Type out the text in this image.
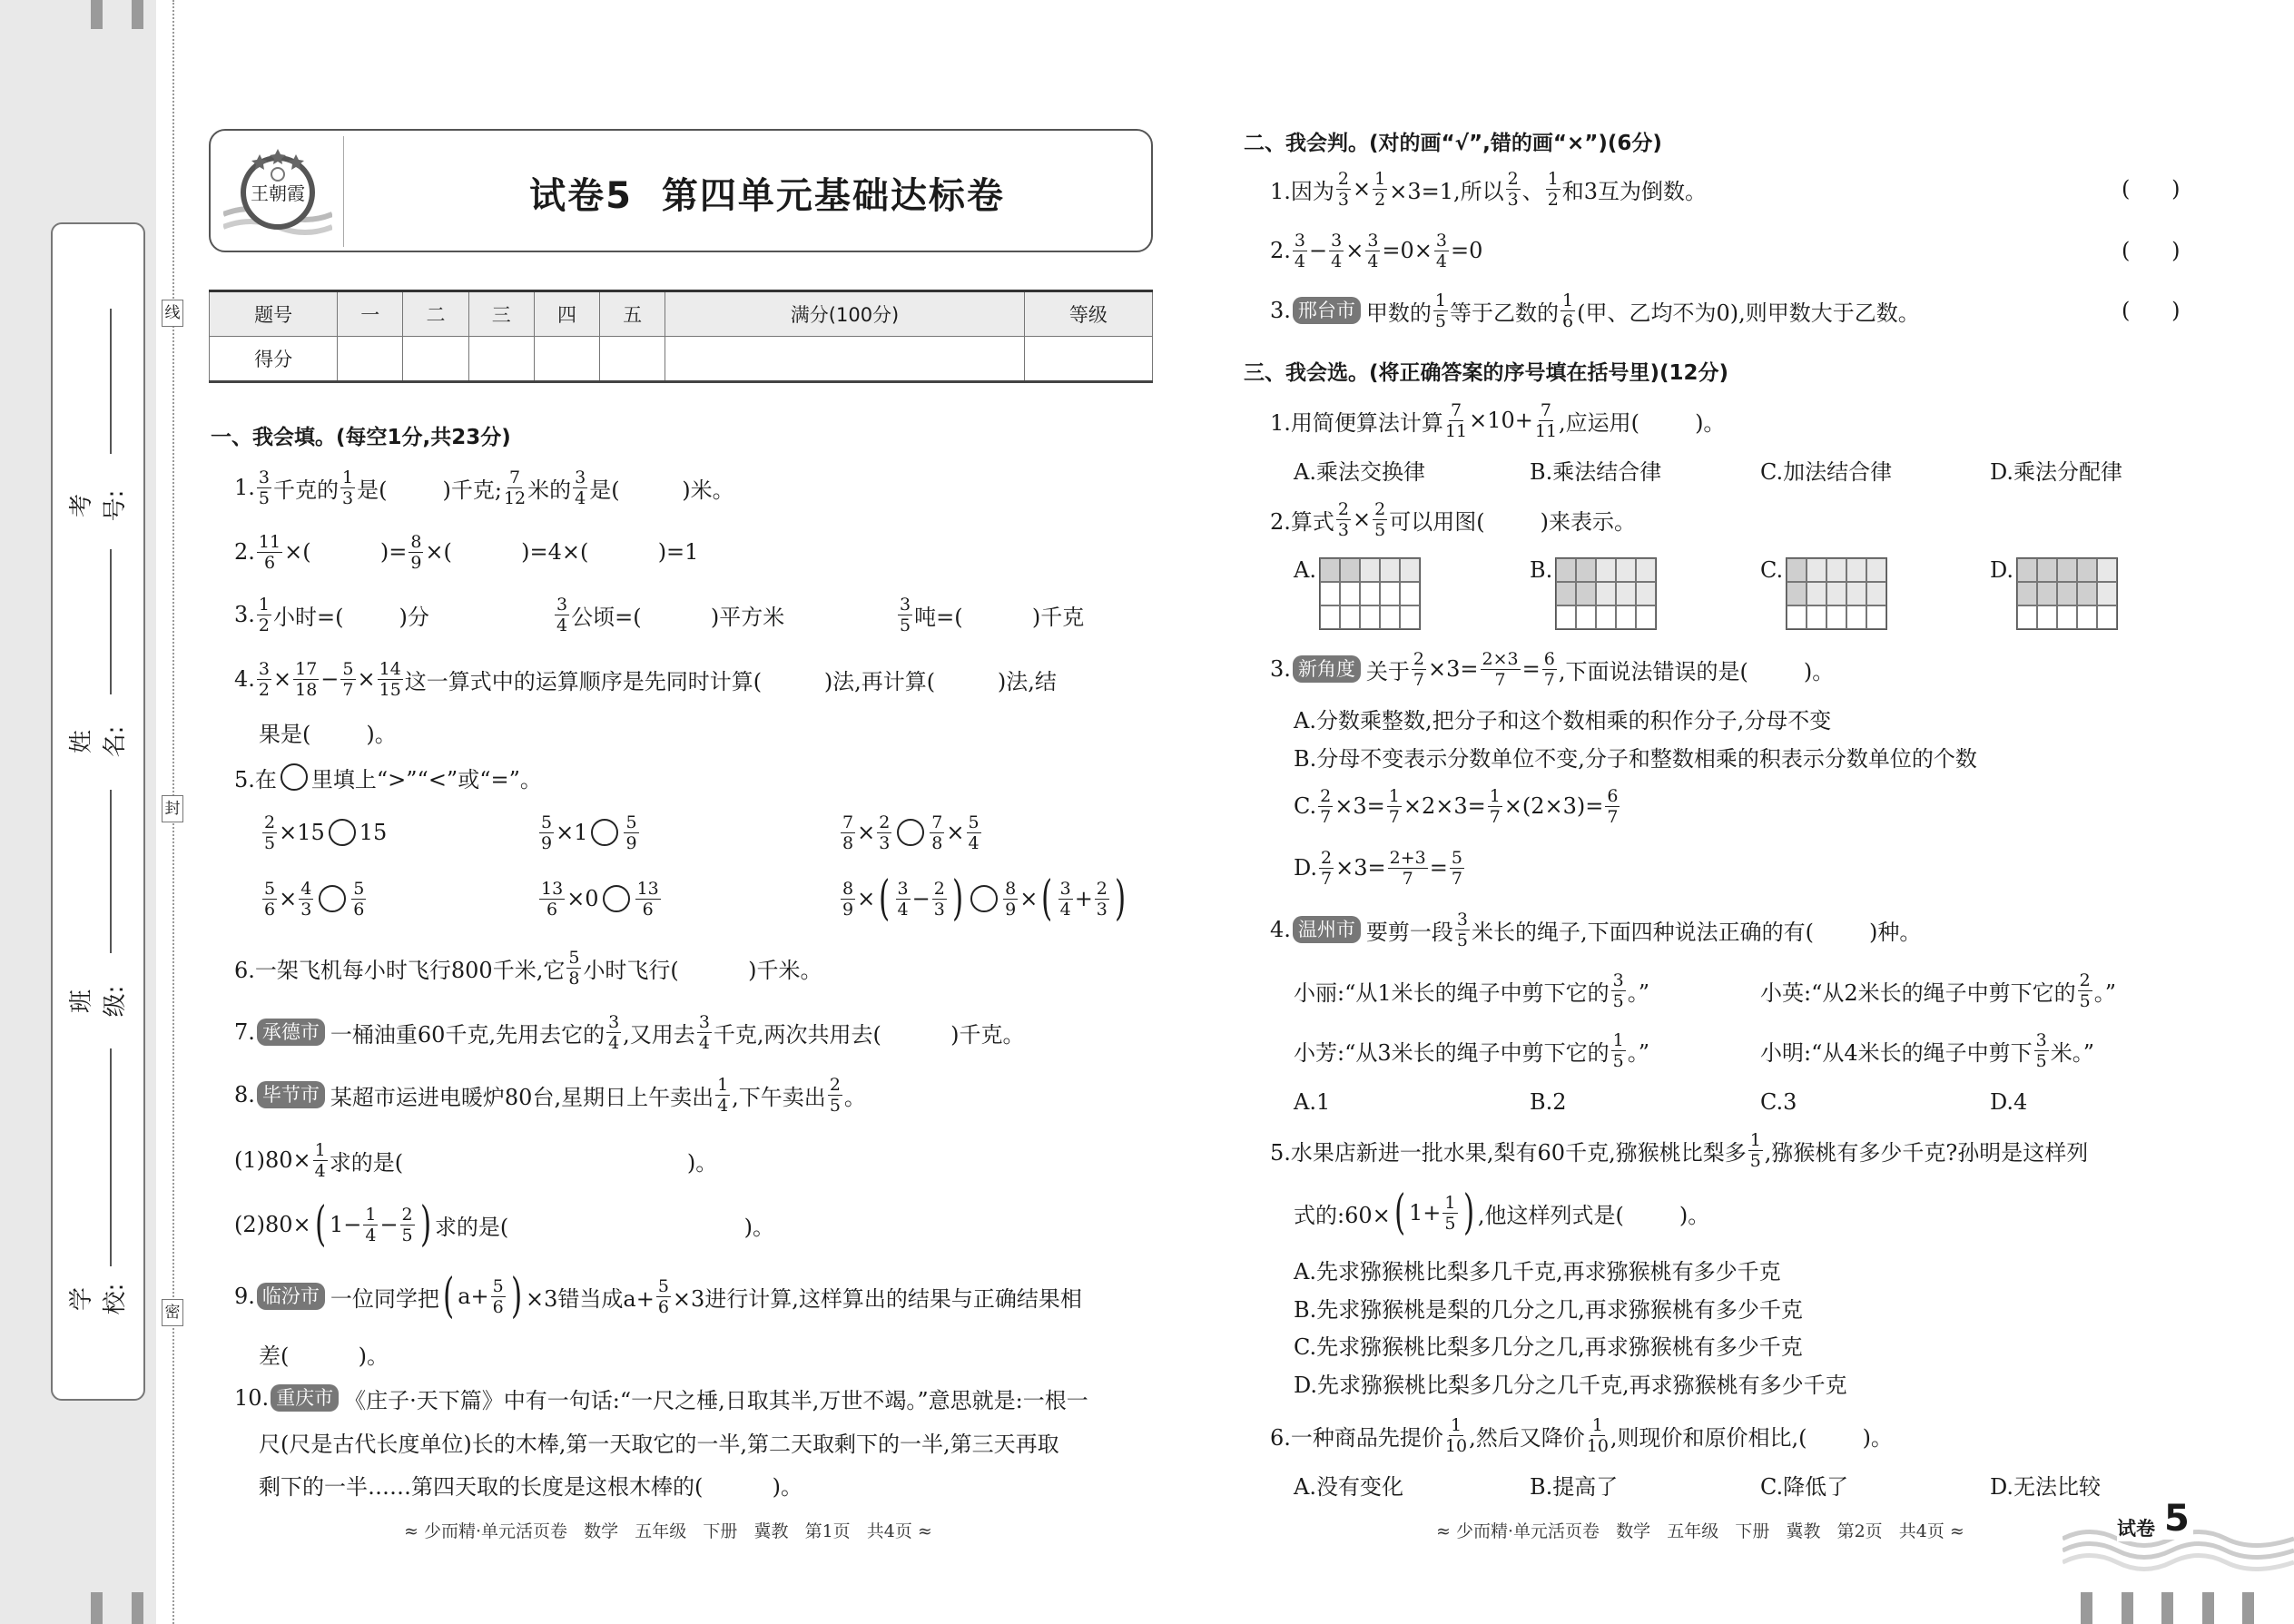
考号:
姓名:
班级:
学校:
线
封
密
王朝霞	试卷5  第四单元基础达标卷
题号	一	二	三	四	五	满分(100分)	等级
得分							
一、我会填。(每空1分,共23分)
1. $\frac{3}{5}$ 千克的 $\frac{1}{3}$ 是(        )千克; $\frac{7}{12}$ 米的 $\frac{3}{4}$ 是(         )米。
2. $\frac{11}{6}$ ×(          )= $\frac{8}{9}$ ×(          )=4×(          )=1
3. $\frac{1}{2}$ 小时=(        )分	$\frac{3}{4}$ 公顷=(          )平方米	$\frac{3}{5}$ 吨=(          )千克
4. $\frac{3}{2} \times \frac{17}{18} - \frac{5}{7} \times \frac{14}{15}$ 这一算式中的运算顺序是先同时计算(         )法,再计算(         )法,结
果是(        )。
5.在 里填上“>”“<”或“=”。
$\frac{2}{5} \times 15$ 15	$\frac{5}{9} \times 1 \frac{5}{9}$	$\frac{7}{8} \times \frac{2}{3} \frac{7}{8} \times \frac{5}{4}$
$\frac{5}{6} \times \frac{4}{3} \frac{5}{6}$	$\frac{13}{6} \times 0 \frac{13}{6}$	$\frac{8}{9}$ × ( $\frac{3}{4} - \frac{2}{3}$ ) $\frac{8}{9}$ × ( $\frac{3}{4} + \frac{2}{3}$ )
6.一架飞机每小时飞行800千米,它 $\frac{5}{8}$ 小时飞行(          )千米。
7. 承德市 一桶油重60千克,先用去它的 $\frac{3}{4}$ ,又用去 $\frac{3}{4}$ 千克,两次共用去(          )千克。
8. 毕节市 某超市运进电暖炉80台,星期日上午卖出 $\frac{1}{4}$ ,下午卖出 $\frac{2}{5}$ 。
$(1)80\times \frac{1}{4}$ 求的是(                                         )。
(2)80× ( $1- \frac{1}{4} - \frac{2}{5}$ ) 求的是(                                  )。
9. 临汾市 一位同学把 ( $a+ \frac{5}{6}$ ) ×3错当成$a+ \frac{5}{6} \times 3$进行计算,这样算出的结果与正确结果相
差(          )。
10. 重庆市 《庄子·天下篇》中有一句话:“一尺之棰,日取其半,万世不竭。”意思就是:一根一
尺(尺是古代长度单位)长的木棒,第一天取它的一半,第二天取剩下的一半,第三天再取
剩下的一半……第四天取的长度是这根木棒的(          )。
≈ 少而精·单元活页卷   数学   五年级   下册   冀教   第1页   共4页 ≈
二、我会判。(对的画“√”,错的画“×”)(6分)
1.因为 $\frac{2}{3} \times \frac{1}{2} \times 3=1$,所以 $\frac{2}{3}$ 、 $\frac{1}{2}$ 和3互为倒数。	(      )
2. $\frac{3}{4} - \frac{3}{4} \times \frac{3}{4} =0\times \frac{3}{4} =0$	(      )
3. 邢台市 甲数的 $\frac{1}{5}$ 等于乙数的 $\frac{1}{6}$ (甲、乙均不为0),则甲数大于乙数。	(      )
三、我会选。(将正确答案的序号填在括号里)(12分)
1.用简便算法计算 $\frac{7}{11} \times 10+ \frac{7}{11}$ ,应运用(        )。
A.乘法交换律	B.乘法结合律	C.加法结合律	D.乘法分配律
2.算式 $\frac{2}{3} \times \frac{2}{5}$ 可以用图(        )来表示。
A.	B.	C.	D.
3. 新角度 关于 $\frac{2}{7} \times 3= \frac{2\times 3}{7} = \frac{6}{7}$ ,下面说法错误的是(        )。
A.分数乘整数,把分子和这个数相乘的积作分子,分母不变
B.分母不变表示分数单位不变,分子和整数相乘的积表示分数单位的个数
C. $\frac{2}{7} \times 3= \frac{1}{7} \times 2\times 3= \frac{1}{7} \times(2\times 3)= \frac{6}{7}$
D. $\frac{2}{7} \times 3= \frac{2+3}{7} = \frac{5}{7}$
4. 温州市 要剪一段 $\frac{3}{5}$ 米长的绳子,下面四种说法正确的有(        )种。
小丽:“从1米长的绳子中剪下它的 $\frac{3}{5}$ 。”	小英:“从2米长的绳子中剪下它的 $\frac{2}{5}$ 。”
小芳:“从3米长的绳子中剪下它的 $\frac{1}{5}$ 。”	小明:“从4米长的绳子中剪下 $\frac{3}{5}$ 米。”
A.1	B.2	C.3	D.4
5.水果店新进一批水果,梨有60千克,猕猴桃比梨多 $\frac{1}{5}$ ,猕猴桃有多少千克?孙明是这样列
式的:60× ( $1+ \frac{1}{5}$ ) ,他这样列式是(        )。
A.先求猕猴桃比梨多几千克,再求猕猴桃有多少千克
B.先求猕猴桃是梨的几分之几,再求猕猴桃有多少千克
C.先求猕猴桃比梨多几分之几,再求猕猴桃有多少千克
D.先求猕猴桃比梨多几分之几千克,再求猕猴桃有多少千克
6.一种商品先提价 $\frac{1}{10}$ ,然后又降价 $\frac{1}{10}$ ,则现价和原价相比,(        )。
A.没有变化	B.提高了	C.降低了	D.无法比较
≈ 少而精·单元活页卷   数学   五年级   下册   冀教   第2页   共4页 ≈	试卷 5
